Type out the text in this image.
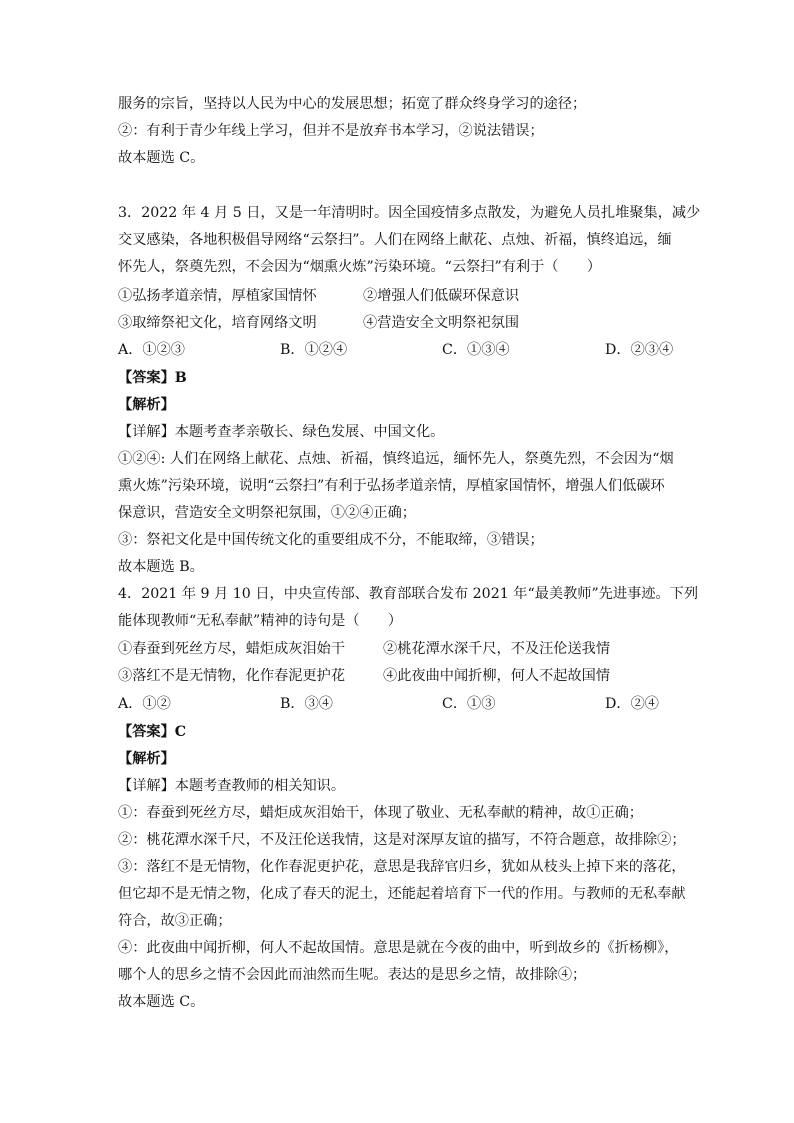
服务的宗旨，坚持以人民为中心的发展思想；拓宽了群众终身学习的途径；
②：有利于青少年线上学习，但并不是放弃书本学习，②说法错误；
故本题选 C。
3．2022 年 4 月 5 日，又是一年清明时。因全国疫情多点散发，为避免人员扎堆聚集，减少
交叉感染，各地积极倡导网络“云祭扫”。人们在网络上献花、点烛、祈福，慎终追远，缅
怀先人，祭奠先烈，不会因为“烟熏火炼”污染环境。“云祭扫”有利于（　　）
①弘扬孝道亲情，厚植家国情怀	②增强人们低碳环保意识
③取缔祭祀文化，培育网络文明	④营造安全文明祭祀氛围
A．①②③	B．①②④	C．①③④	D．②③④
【答案】B
【解析】
【详解】本题考查孝亲敬长、绿色发展、中国文化。
①②④: 人们在网络上献花、点烛、祈福，慎终追远，缅怀先人，祭奠先烈，不会因为“烟
熏火炼”污染环境，说明“云祭扫”有利于弘扬孝道亲情，厚植家国情怀，增强人们低碳环
保意识，营造安全文明祭祀氛围，①②④正确；
③：祭祀文化是中国传统文化的重要组成不分，不能取缔，③错误；
故本题选 B。
4．2021 年 9 月 10 日，中央宣传部、教育部联合发布 2021 年“最美教师”先进事迹。下列
能体现教师“无私奉献”精神的诗句是（　　）
①春蚕到死丝方尽，蜡炬成灰泪始干	②桃花潭水深千尺，不及汪伦送我情
③落红不是无情物，化作春泥更护花	④此夜曲中闻折柳，何人不起故国情
A．①②	B．③④	C．①③	D．②④
【答案】C
【解析】
【详解】本题考查教师的相关知识。
①：春蚕到死丝方尽，蜡炬成灰泪始干，体现了敬业、无私奉献的精神，故①正确；
②：桃花潭水深千尺，不及汪伦送我情，这是对深厚友谊的描写，不符合题意，故排除②；
③：落红不是无情物，化作春泥更护花，意思是我辞官归乡，犹如从枝头上掉下来的落花，
但它却不是无情之物，化成了春天的泥土，还能起着培育下一代的作用。与教师的无私奉献
符合，故③正确；
④：此夜曲中闻折柳，何人不起故国情。意思是就在今夜的曲中，听到故乡的《折杨柳》，
哪个人的思乡之情不会因此而油然而生呢。表达的是思乡之情，故排除④；
故本题选 C。
